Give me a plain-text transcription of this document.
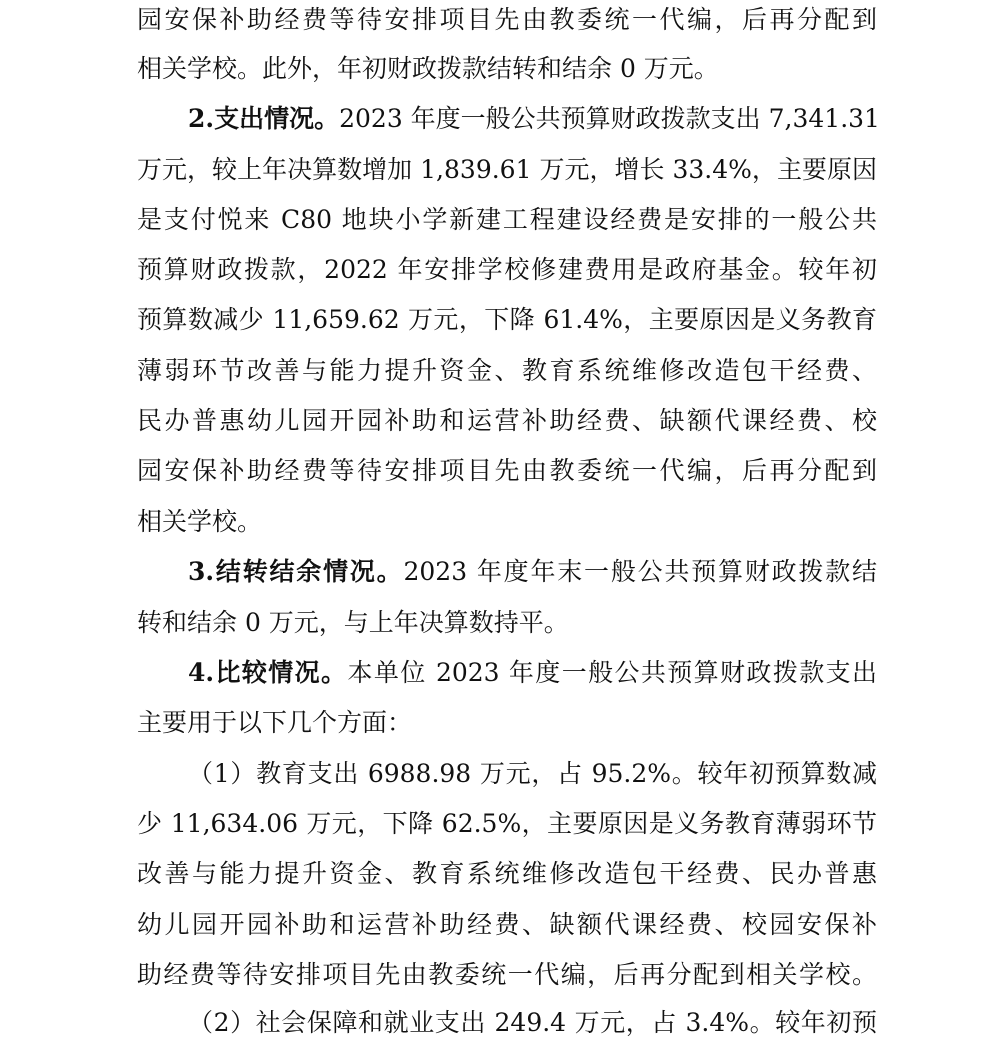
园安保补助经费等待安排项目先由教委统一代编，后再分配到
相关学校。此外，年初财政拨款结转和结余 0 万元。
2.支出情况。2023 年度一般公共预算财政拨款支出 7,341.31
万元，较上年决算数增加 1,839.61 万元，增长 33.4%，主要原因
是支付悦来 C80 地块小学新建工程建设经费是安排的一般公共
预算财政拨款，2022 年安排学校修建费用是政府基金。较年初
预算数减少 11,659.62 万元，下降 61.4%，主要原因是义务教育
薄弱环节改善与能力提升资金、教育系统维修改造包干经费、
民办普惠幼儿园开园补助和运营补助经费、缺额代课经费、校
园安保补助经费等待安排项目先由教委统一代编，后再分配到
相关学校。
3.结转结余情况。2023 年度年末一般公共预算财政拨款结
转和结余 0 万元，与上年决算数持平。
4.比较情况。本单位 2023 年度一般公共预算财政拨款支出
主要用于以下几个方面：
（1）教育支出 6988.98 万元，占 95.2%。较年初预算数减
少 11,634.06 万元，下降 62.5%，主要原因是义务教育薄弱环节
改善与能力提升资金、教育系统维修改造包干经费、民办普惠
幼儿园开园补助和运营补助经费、缺额代课经费、校园安保补
助经费等待安排项目先由教委统一代编，后再分配到相关学校。
（2）社会保障和就业支出 249.4 万元，占 3.4%。较年初预
